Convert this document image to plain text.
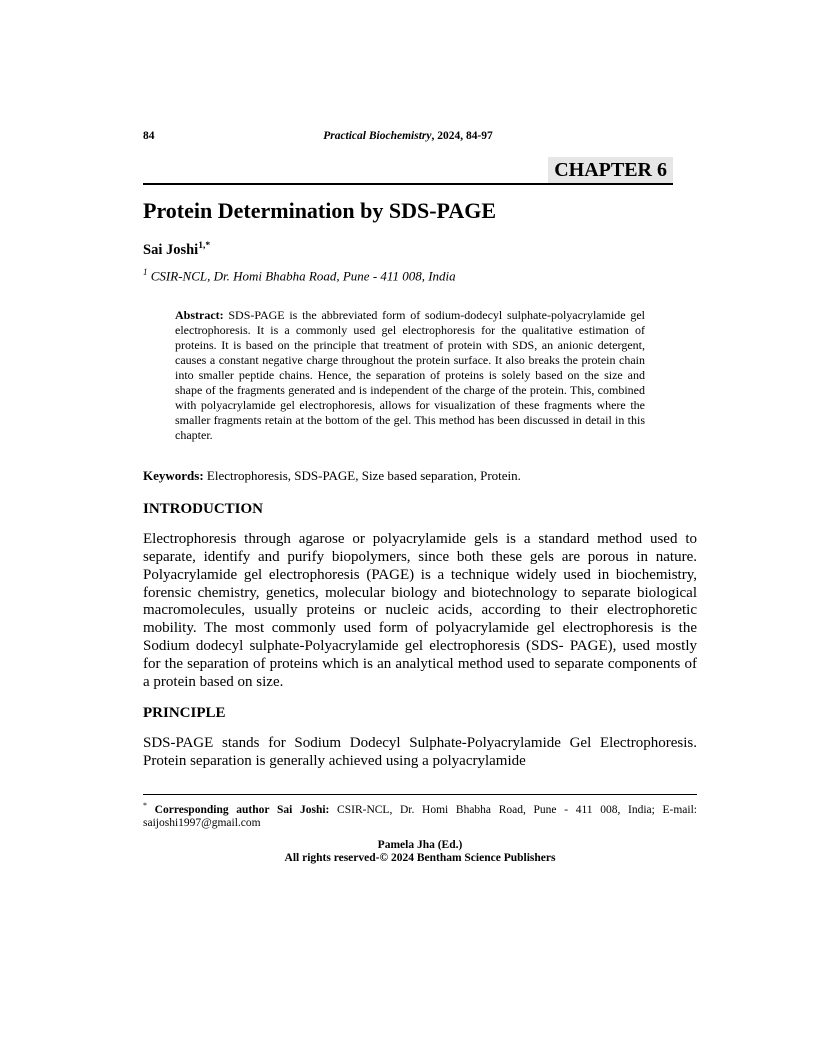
84	Practical Biochemistry, 2024, 84-97
CHAPTER 6
Protein Determination by SDS-PAGE

Sai Joshi$^{1,*}$

$^1$ CSIR-NCL, Dr. Homi Bhabha Road, Pune - 411 008, India

Abstract: SDS-PAGE is the abbreviated form of sodium-dodecyl sulphate-polyacrylamide gel electrophoresis. It is a commonly used gel electrophoresis for the qualitative estimation of proteins. It is based on the principle that treatment of protein with SDS, an anionic detergent, causes a constant negative charge throughout the protein surface. It also breaks the protein chain into smaller peptide chains. Hence, the separation of proteins is solely based on the size and shape of the fragments generated and is independent of the charge of the protein. This, combined with polyacrylamide gel electrophoresis, allows for visualization of these fragments where the smaller fragments retain at the bottom of the gel. This method has been discussed in detail in this chapter.

Keywords: Electrophoresis, SDS-PAGE, Size based separation, Protein.

INTRODUCTION

Electrophoresis through agarose or polyacrylamide gels is a standard method used to separate, identify and purify biopolymers, since both these gels are porous in nature. Polyacrylamide gel electrophoresis (PAGE) is a technique widely used in biochemistry, forensic chemistry, genetics, molecular biology and biotechnology to separate biological macromolecules, usually proteins or nucleic acids, according to their electrophoretic mobility. The most commonly used form of polyacrylamide gel electrophoresis is the Sodium dodecyl sulphate-Polyacrylamide gel electrophoresis (SDS- PAGE), used mostly for the separation of proteins which is an analytical method used to separate components of a protein based on size.

PRINCIPLE

SDS-PAGE stands for Sodium Dodecyl Sulphate-Polyacrylamide Gel Electrophoresis. Protein separation is generally achieved using a polyacrylamide

* Corresponding author Sai Joshi: CSIR-NCL, Dr. Homi Bhabha Road, Pune - 411 008, India; E-mail: saijoshi1997@gmail.com

Pamela Jha (Ed.)
All rights reserved-© 2024 Bentham Science Publishers
